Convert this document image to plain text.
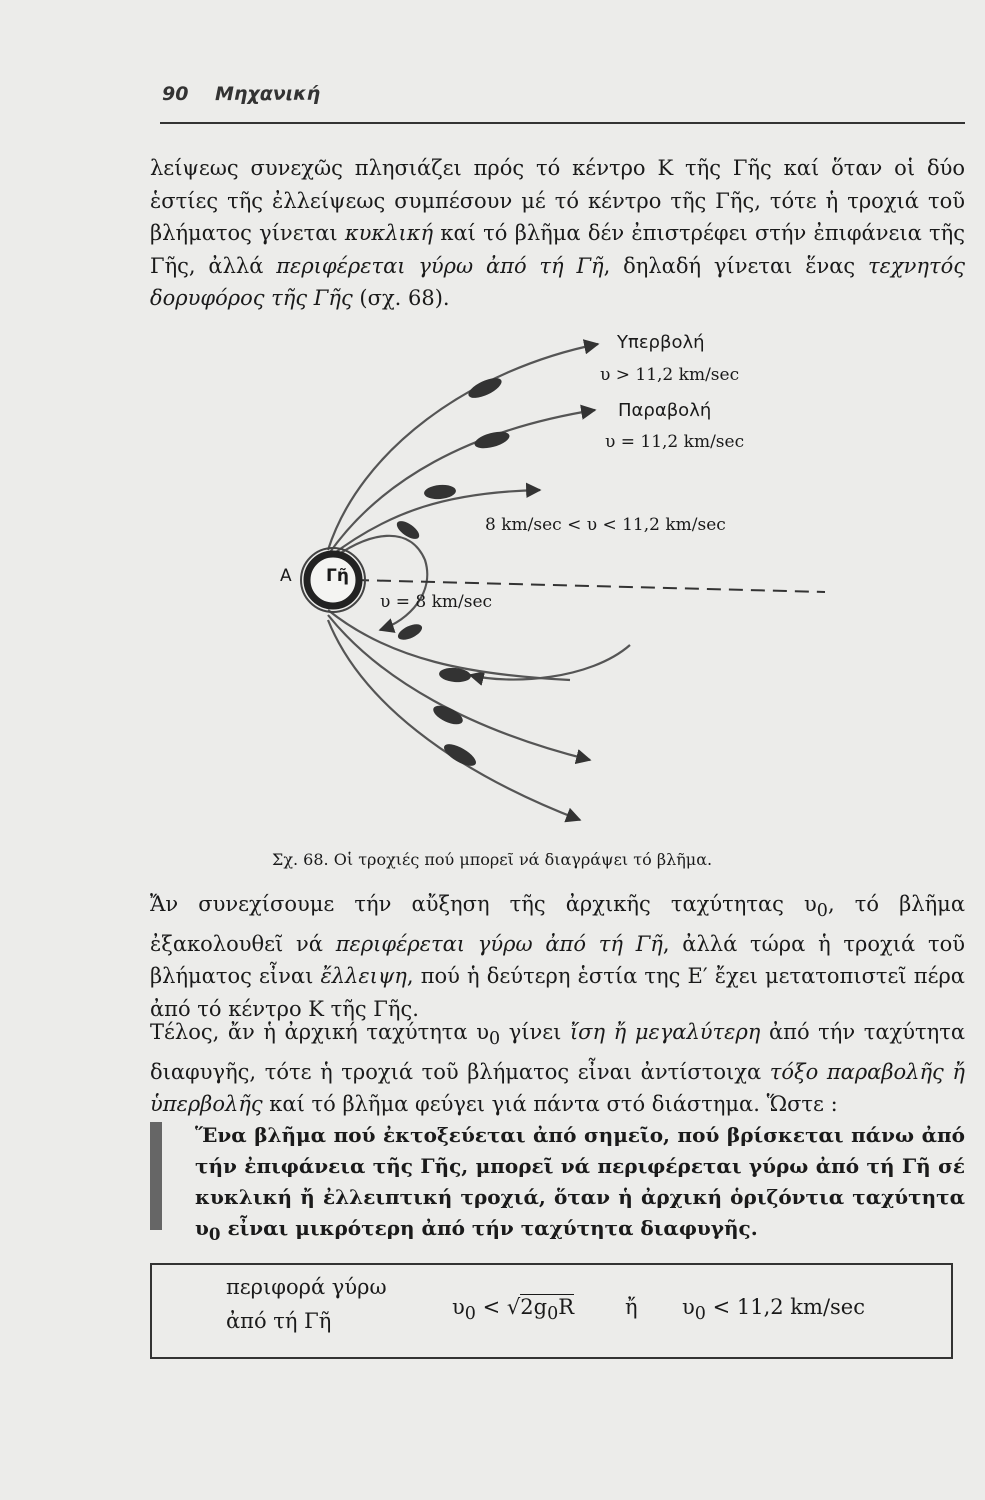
90 Μηχανική

λείψεως συνεχῶς πλησιάζει πρός τό κέντρο Κ τῆς Γῆς καί ὅταν οἱ δύο ἑστίες τῆς ἐλλείψεως συμπέσουν μέ τό κέντρο τῆς Γῆς, τότε ἡ τροχιά τοῦ βλήματος γίνεται κυκλική καί τό βλῆμα δέν ἐπιστρέφει στήν ἐπιφάνεια τῆς Γῆς, ἀλλά περιφέρεται γύρω ἀπό τή Γῆ, δηλαδή γίνεται ἕνας τεχνητός δορυφόρος τῆς Γῆς (σχ. 68).

Γῆ
A
Υπερβολή
υ > 11,2 km/sec
Παραβολή
υ = 11,2 km/sec
8 km/sec < υ < 11,2 km/sec
υ = 8 km/sec
Σχ. 68. Οἱ τροχιές πού μπορεῖ νά διαγράψει τό βλῆμα.

Ἄν συνεχίσουμε τήν αὔξηση τῆς ἀρχικῆς ταχύτητας $\upsilon_0$, τό βλῆμα ἐξακολουθεῖ νά περιφέρεται γύρω ἀπό τή Γῆ, ἀλλά τώρα ἡ τροχιά τοῦ βλήματος εἶναι ἔλλειψη, πού ἡ δεύτερη ἑστία της Ε′ ἔχει μετατοπιστεῖ πέρα ἀπό τό κέντρο Κ τῆς Γῆς.

Τέλος, ἄν ἡ ἀρχική ταχύτητα $\upsilon_0$ γίνει ἴση ἤ μεγαλύτερη ἀπό τήν ταχύτητα διαφυγῆς, τότε ἡ τροχιά τοῦ βλήματος εἶναι ἀντίστοιχα τόξο παραβολῆς ἤ ὑπερβολῆς καί τό βλῆμα φεύγει γιά πάντα στό διάστημα. Ὥστε :

Ἕνα βλῆμα πού ἐκτοξεύεται ἀπό σημεῖο, πού βρίσκεται πάνω ἀπό τήν ἐπιφάνεια τῆς Γῆς, μπορεῖ νά περιφέρεται γύρω ἀπό τή Γῆ σέ κυκλική ἤ ἐλλειπτική τροχιά, ὅταν ἡ ἀρχική ὁριζόντια ταχύτητα $\upsilon_0$ εἶναι μικρότερη ἀπό τήν ταχύτητα διαφυγῆς.

περιφορά γύρω
ἀπό τή Γῆ
$\upsilon_0 < √2g_0R$ ἤ $\upsilon_0 < 11,2$ km/sec
